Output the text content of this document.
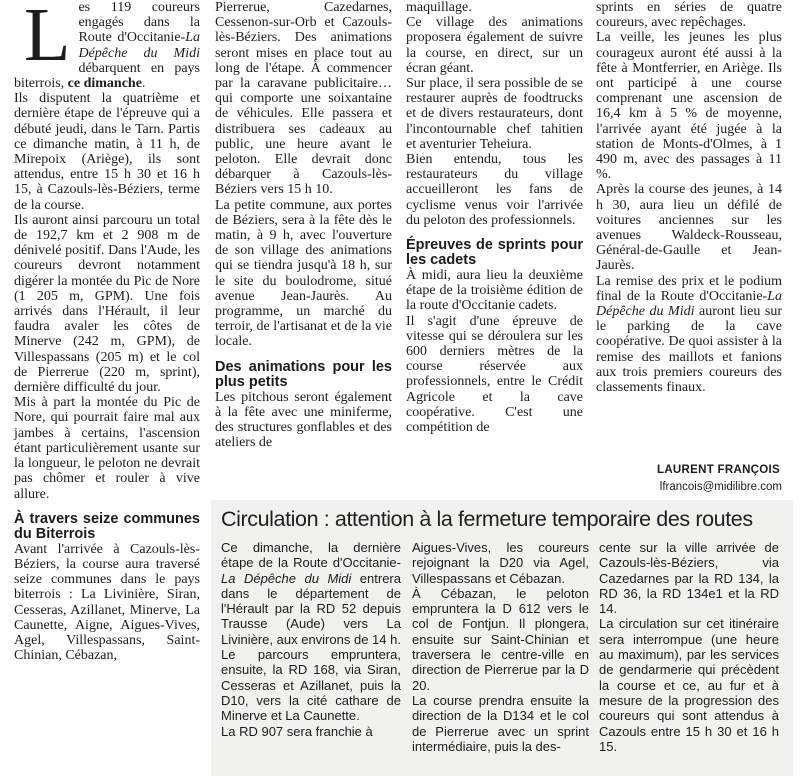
Les 119 coureurs engagés dans la Route d'Occitanie-La Dépêche du Midi débarquent en pays biterrois, ce dimanche.

Ils disputent la quatrième et dernière étape de l'épreuve qui a débuté jeudi, dans le Tarn. Partis ce dimanche matin, à 11 h, de Mirepoix (Ariège), ils sont attendus, entre 15 h 30 et 16 h 15, à Cazouls-lès-Béziers, terme de la course.

Ils auront ainsi parcouru un total de 192,7 km et 2 908 m de dénivelé positif. Dans l'Aude, les coureurs devront notamment digérer la montée du Pic de Nore (1 205 m, GPM). Une fois arrivés dans l'Hérault, il leur faudra avaler les côtes de Minerve (242 m, GPM), de Villespassans (205 m) et le col de Pierrerue (220 m, sprint), dernière difficulté du jour.

Mis à part la montée du Pic de Nore, qui pourrait faire mal aux jambes à certains, l'ascension étant particulièrement usante sur la longueur, le peloton ne devrait pas chômer et rouler à vive allure.

À travers seize communes du Biterrois

Avant l'arrivée à Cazouls-lès-Béziers, la course aura traversé seize communes dans le pays biterrois : La Livinière, Siran, Cesseras, Azillanet, Minerve, La Caunette, Aigne, Aigues-Vives, Agel, Villespassans, Saint-Chinian, Cébazan,

Pierrerue, Cazedarnes, Cessenon-sur-Orb et Cazouls-lès-Béziers. Des animations seront mises en place tout au long de l'étape. À commencer par la caravane publicitaire… qui comporte une soixantaine de véhicules. Elle passera et distribuera ses cadeaux au public, une heure avant le peloton. Elle devrait donc débarquer à Cazouls-lès-Béziers vers 15 h 10.

La petite commune, aux portes de Béziers, sera à la fête dès le matin, à 9 h, avec l'ouverture de son village des animations qui se tiendra jusqu'à 18 h, sur le site du boulodrome, situé avenue Jean-Jaurès. Au programme, un marché du terroir, de l'artisanat et de la vie locale.

Des animations pour les plus petits

Les pitchous seront également à la fête avec une miniferme, des structures gonflables et des ateliers de

maquillage.

Ce village des animations proposera également de suivre la course, en direct, sur un écran géant.

Sur place, il sera possible de se restaurer auprès de foodtrucks et de divers restaurateurs, dont l'incontournable chef tahitien et aventurier Teheiura.

Bien entendu, tous les restaurateurs du village accueilleront les fans de cyclisme venus voir l'arrivée du peloton des professionnels.

Épreuves de sprints pour les cadets

À midi, aura lieu la deuxième étape de la troisième édition de la route d'Occitanie cadets.

Il s'agit d'une épreuve de vitesse qui se déroulera sur les 600 derniers mètres de la course réservée aux professionnels, entre le Crédit Agricole et la cave coopérative. C'est une compétition de

sprints en séries de quatre coureurs, avec repêchages.

La veille, les jeunes les plus courageux auront été aussi à la fête à Montferrier, en Ariège. Ils ont participé à une course comprenant une ascension de 16,4 km à 5 % de moyenne, l'arrivée ayant été jugée à la station de Monts-d'Olmes, à 1 490 m, avec des passages à 11 %.

Après la course des jeunes, à 14 h 30, aura lieu un défilé de voitures anciennes sur les avenues Waldeck-Rousseau, Général-de-Gaulle et Jean-Jaurès.

La remise des prix et le podium final de la Route d'Occitanie-La Dépêche du Midi auront lieu sur le parking de la cave coopérative. De quoi assister à la remise des maillots et fanions aux trois premiers coureurs des classements finaux.

LAURENT FRANÇOIS
lfrancois@midilibre.com
Circulation : attention à la fermeture temporaire des routes

Ce dimanche, la dernière étape de la Route d'Occitanie-La Dépêche du Midi entrera dans le département de l'Hérault par la RD 52 depuis Trausse (Aude) vers La Livinière, aux environs de 14 h.

Le parcours empruntera, ensuite, la RD 168, via Siran, Cesseras et Azillanet, puis la D10, vers la cité cathare de Minerve et La Caunette.

La RD 907 sera franchie à

Aigues-Vives, les coureurs rejoignant la D20 via Agel, Villespassans et Cébazan.

À Cébazan, le peloton empruntera la D 612 vers le col de Fontjun. Il plongera, ensuite sur Saint-Chinian et traversera le centre-ville en direction de Pierrerue par la D 20.

La course prendra ensuite la direction de la D134 et le col de Pierrerue avec un sprint intermédiaire, puis la des-

cente sur la ville arrivée de Cazouls-lès-Béziers, via Cazedarnes par la RD 134, la RD 36, la RD 134e1 et la RD 14.

La circulation sur cet itinéraire sera interrompue (une heure au maximum), par les services de gendarmerie qui précèdent la course et ce, au fur et à mesure de la progression des coureurs qui sont attendus à Cazouls entre 15 h 30 et 16 h 15.
